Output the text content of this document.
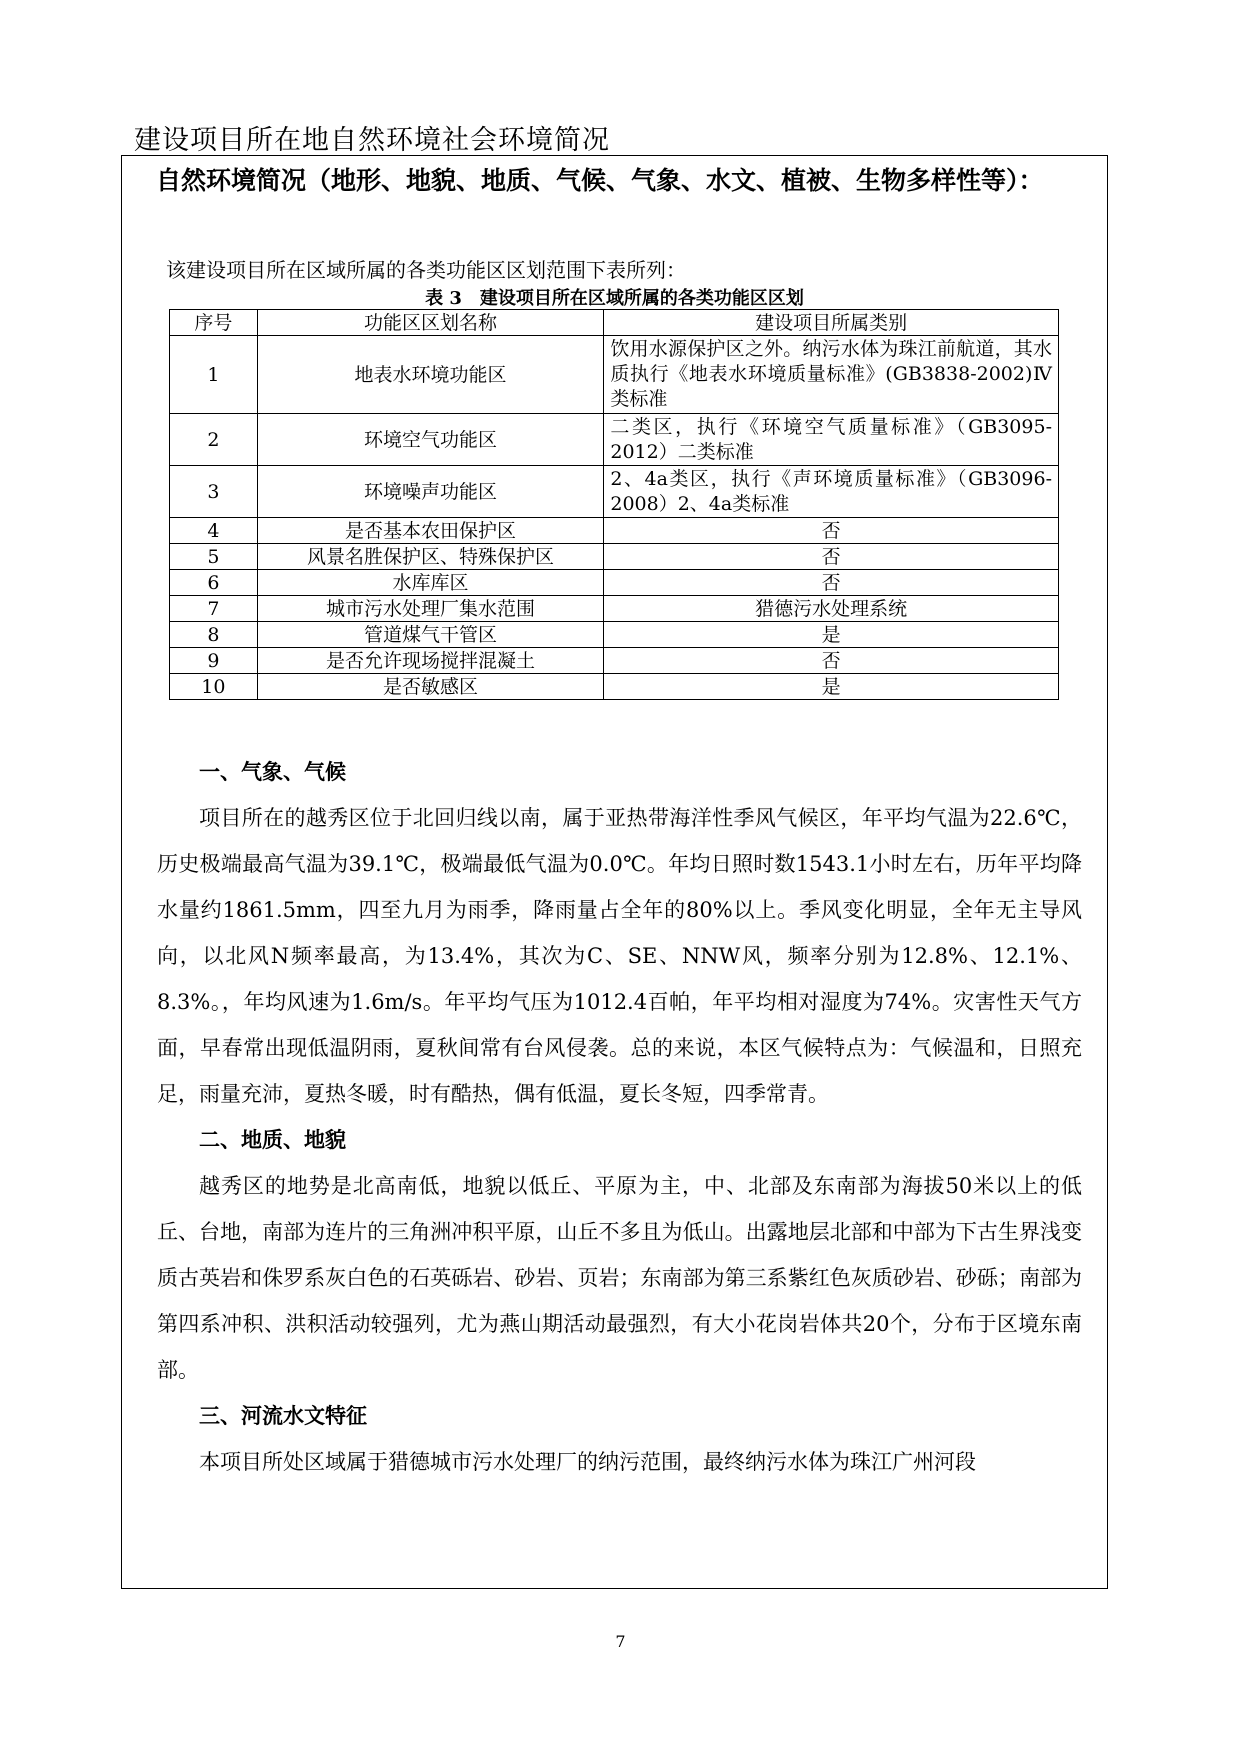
建设项目所在地自然环境社会环境简况
自然环境简况（地形、地貌、地质、气候、气象、水文、植被、生物多样性等）：
该建设项目所在区域所属的各类功能区区划范围下表所列：
表 3　建设项目所在区域所属的各类功能区区划
序号	功能区区划名称	建设项目所属类别
1	地表水环境功能区	饮用水源保护区之外。纳污水体为珠江前航道，其水质执行《地表水环境质量标准》(GB3838-2002)Ⅳ类标准
2	环境空气功能区	二类区，执行《环境空气质量标准》（GB3095-2012）二类标准
3	环境噪声功能区	2、4a类区，执行《声环境质量标准》（GB3096-2008）2、4a类标准
4	是否基本农田保护区	否
5	风景名胜保护区、特殊保护区	否
6	水库库区	否
7	城市污水处理厂集水范围	猎德污水处理系统
8	管道煤气干管区	是
9	是否允许现场搅拌混凝土	否
10	是否敏感区	是
一、气象、气候

项目所在的越秀区位于北回归线以南，属于亚热带海洋性季风气候区，年平均气温为22.6℃，历史极端最高气温为39.1℃，极端最低气温为0.0℃。年均日照时数1543.1小时左右，历年平均降水量约1861.5mm，四至九月为雨季，降雨量占全年的80%以上。季风变化明显，全年无主导风向，以北风N频率最高，为13.4%，其次为C、SE、NNW风，频率分别为12.8%、12.1%、8.3%。，年均风速为1.6m/s。年平均气压为1012.4百帕，年平均相对湿度为74%。灾害性天气方面，早春常出现低温阴雨，夏秋间常有台风侵袭。总的来说，本区气候特点为：气候温和，日照充足，雨量充沛，夏热冬暖，时有酷热，偶有低温，夏长冬短，四季常青。

二、地质、地貌

越秀区的地势是北高南低，地貌以低丘、平原为主，中、北部及东南部为海拔50米以上的低丘、台地，南部为连片的三角洲冲积平原，山丘不多且为低山。出露地层北部和中部为下古生界浅变质古英岩和侏罗系灰白色的石英砾岩、砂岩、页岩；东南部为第三系紫红色灰质砂岩、砂砾；南部为第四系冲积、洪积活动较强列，尤为燕山期活动最强烈，有大小花岗岩体共20个，分布于区境东南部。

三、河流水文特征

本项目所处区域属于猎德城市污水处理厂的纳污范围，最终纳污水体为珠江广州河段

7
